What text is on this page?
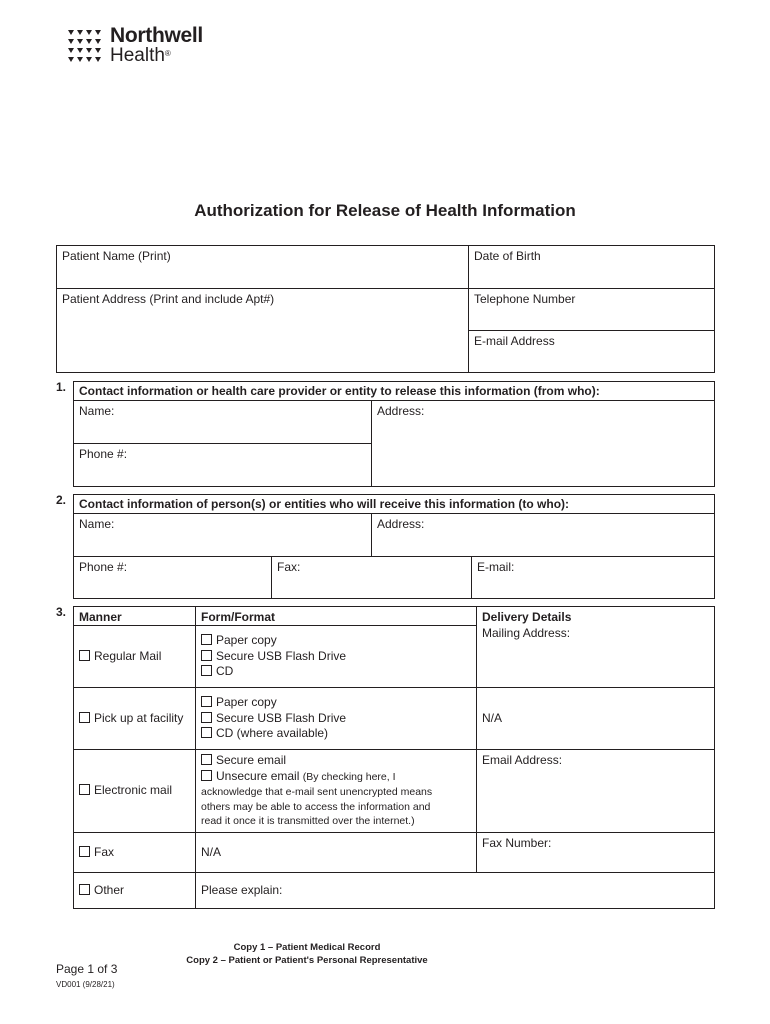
Northwell
Health®
Authorization for Release of Health Information
Patient Name (Print)	Date of Birth

Patient Address (Print and include Apt#)	Telephone Number

	E-mail Address
1.	Contact information or health care provider or entity to release this information (from who):

Name:	Address:

Phone #:
2.	Contact information of person(s) or entities who will receive this information (to who):			

Name:		Address:	

Phone #:	Fax:		E-mail:
3.	Manner	Form/Format	Delivery Details

Regular Mail	Paper copy
Secure USB Flash Drive
CD	Mailing Address:

Pick up at facility	Paper copy
Secure USB Flash Drive
CD (where available)	N/A

Electronic mail	Secure email
Unsecure email (By checking here, I
acknowledge that e-mail sent unencrypted means
others may be able to access the information and
read it once it is transmitted over the internet.)	Email Address:

Fax	N/A	Fax Number:

Other	Please explain:	
Copy 1 – Patient Medical Record
Copy 2 – Patient or Patient's Personal Representative
Page 1 of 3
VD001 (9/28/21)
